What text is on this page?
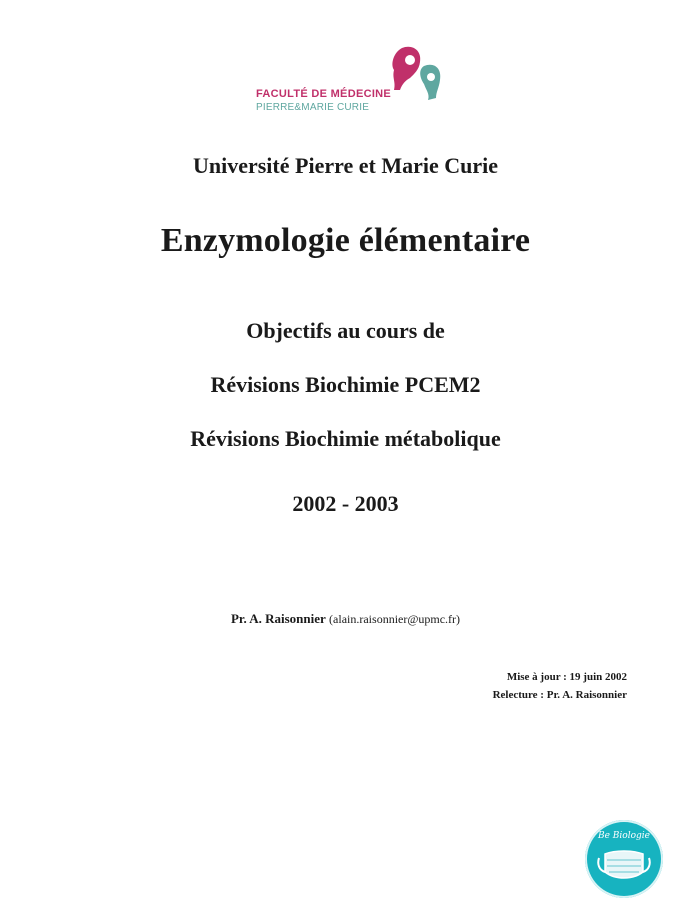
FACULTÉ DE MÉDECINE
PIERRE&MARIE CURIE
Université Pierre et Marie Curie
Enzymologie élémentaire
Objectifs au cours de
Révisions Biochimie PCEM2
Révisions Biochimie métabolique
2002 - 2003
Pr. A. Raisonnier (alain.raisonnier@upmc.fr)
Mise à jour : 19 juin 2002
Relecture : Pr. A. Raisonnier
Be Biologie
